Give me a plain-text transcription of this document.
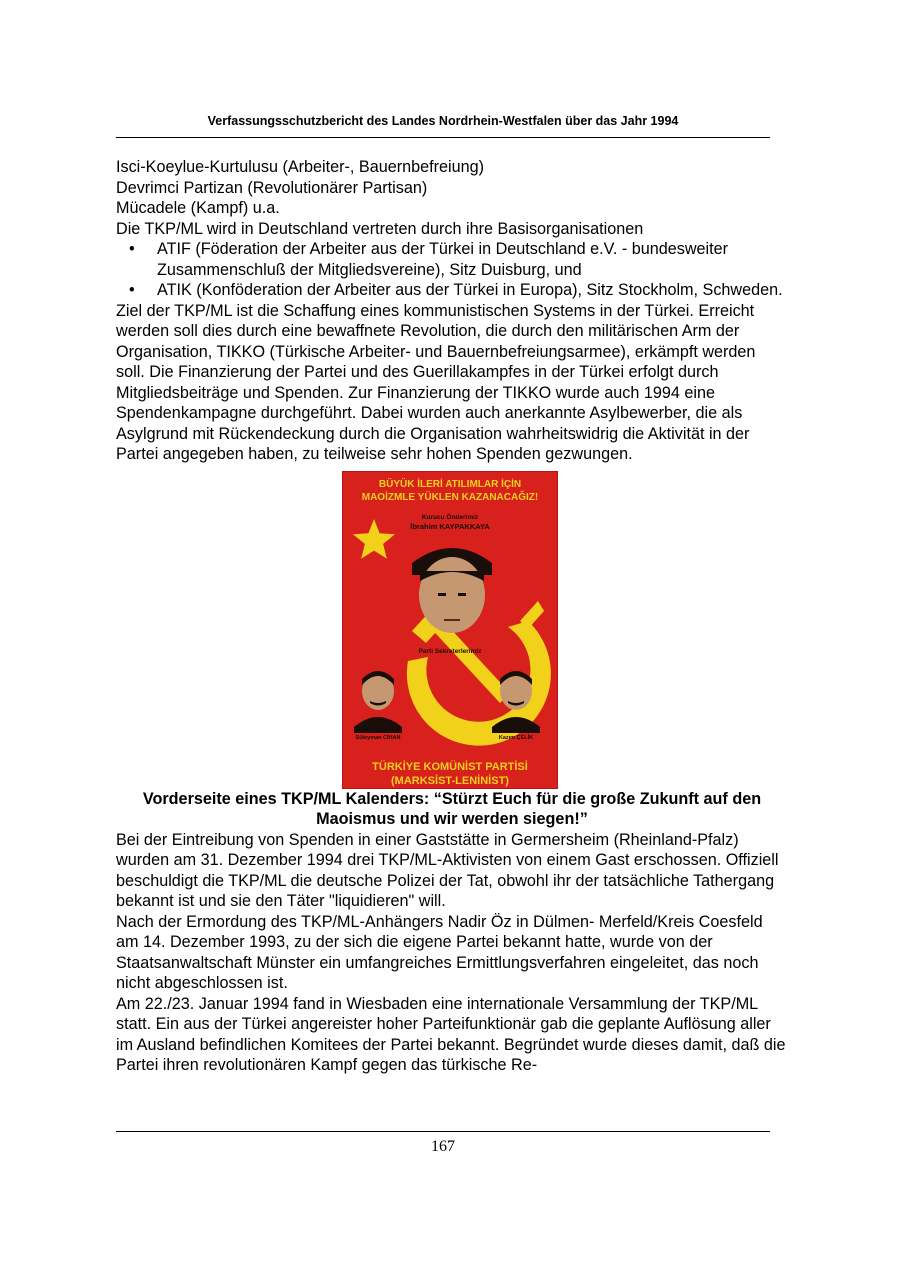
Verfassungsschutzbericht des Landes Nordrhein-Westfalen über das Jahr 1994

Isci-Koeylue-Kurtulusu (Arbeiter-, Bauernbefreiung)

Devrimci Partizan (Revolutionärer Partisan)

Mücadele (Kampf) u.a.

Die TKP/ML wird in Deutschland vertreten durch ihre Basisorganisationen

• ATIF (Föderation der Arbeiter aus der Türkei in Deutschland e.V. - bundesweiter Zusammenschluß der Mitgliedsvereine), Sitz Duisburg, und
• ATIK (Konföderation der Arbeiter aus der Türkei in Europa), Sitz Stockholm, Schweden.

Ziel der TKP/ML ist die Schaffung eines kommunistischen Systems in der Türkei. Erreicht werden soll dies durch eine bewaffnete Revolution, die durch den militärischen Arm der Organisation, TIKKO (Türkische Arbeiter- und Bauernbefreiungsarmee), erkämpft werden soll. Die Finanzierung der Partei und des Guerillakampfes in der Türkei erfolgt durch Mitgliedsbeiträge und Spenden. Zur Finanzierung der TIKKO wurde auch 1994 eine Spendenkampagne durchgeführt. Dabei wurden auch anerkannte Asylbewerber, die als Asylgrund mit Rückendeckung durch die Organisation wahrheitswidrig die Aktivität in der Partei angegeben haben, zu teilweise sehr hohen Spenden gezwungen.

BÜYÜK İLERİ ATILIMLAR İÇİN
MAOİZMLE YÜKLEN KAZANACAĞIZ!
Kurucu Önderimiz
İbrahim KAYPAKKAYA
Parti Sekreterlerimiz
Süleyman CİHAN	Kazım ÇELİK
TÜRKİYE KOMÜNİST PARTİSİ
(MARKSİST-LENİNİST)

Vorderseite eines TKP/ML Kalenders: “Stürzt Euch für die große Zukunft auf den Maoismus und wir werden siegen!”

Bei der Eintreibung von Spenden in einer Gaststätte in Germersheim (Rheinland-Pfalz) wurden am 31. Dezember 1994 drei TKP/ML-Aktivisten von einem Gast erschossen. Offiziell beschuldigt die TKP/ML die deutsche Polizei der Tat, obwohl ihr der tatsächliche Tathergang bekannt ist und sie den Täter "liquidieren" will.

Nach der Ermordung des TKP/ML-Anhängers Nadir Öz in Dülmen- Merfeld/Kreis Coesfeld am 14. Dezember 1993, zu der sich die eigene Partei bekannt hatte, wurde von der Staatsanwaltschaft Münster ein umfangreiches Ermittlungsverfahren eingeleitet, das noch nicht abgeschlossen ist.

Am 22./23. Januar 1994 fand in Wiesbaden eine internationale Versammlung der TKP/ML statt. Ein aus der Türkei angereister hoher Parteifunktionär gab die geplante Auflösung aller im Ausland befindlichen Komitees der Partei bekannt. Begründet wurde dieses damit, daß die Partei ihren revolutionären Kampf gegen das türkische Re-

167
